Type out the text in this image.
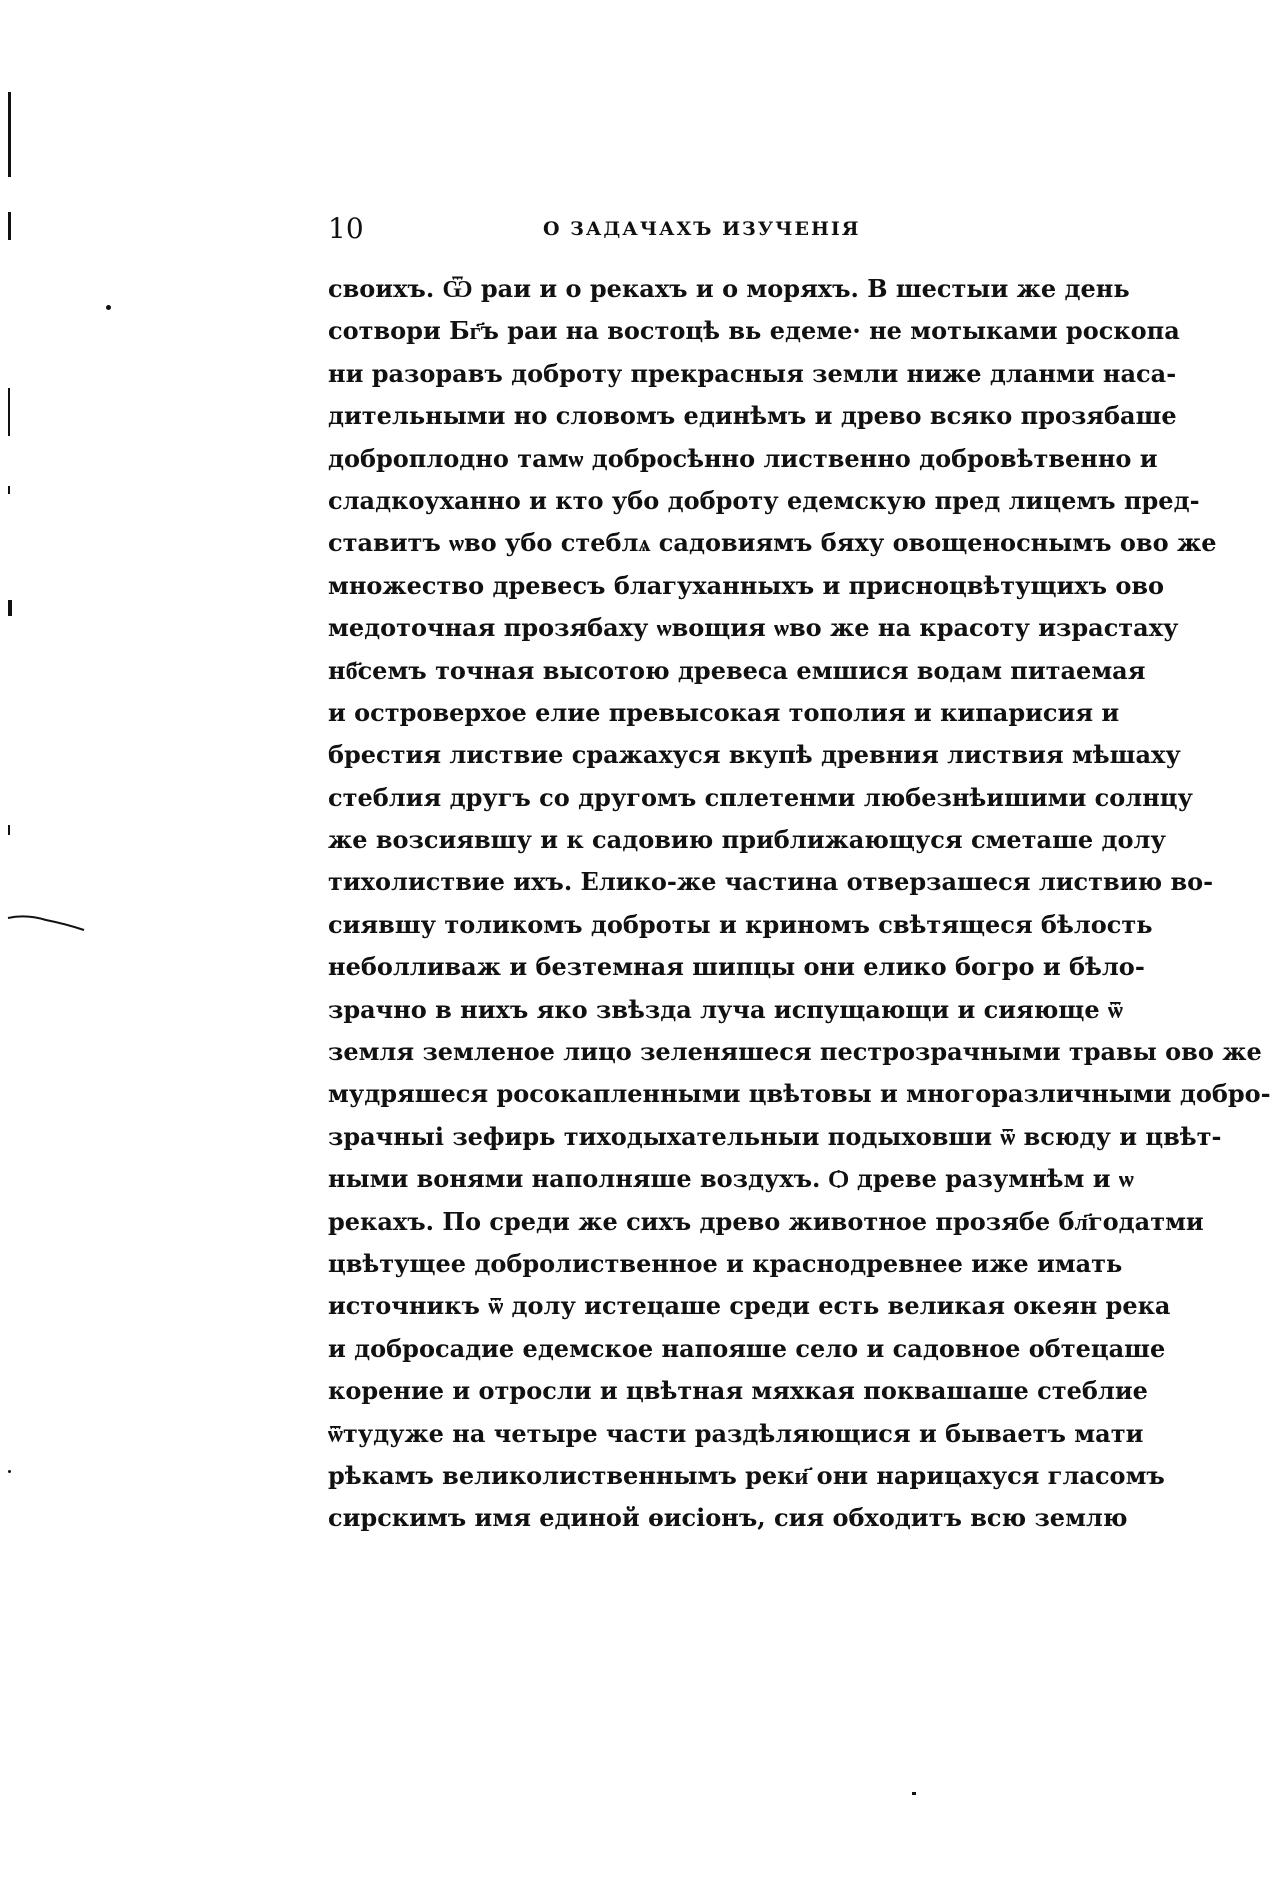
10	О ЗАДАЧАХЪ ИЗУЧЕНІЯ
своихъ. Ѿ раи и о рекахъ и о моряхъ. В шестыи же день
сотвори Бг҃ъ раи на востоцѣ вь едеме· не мотыками роскопа
ни разоравъ доброту прекрасныя земли ниже дланми наса-
дительными но словомъ единѣмъ и древо всяко прозябаше
доброплодно тамѡ добросѣнно лиственно добровѣтвенно и
сладкоуханно и кто убо доброту едемскую пред лицемъ пред-
ставитъ ѡво убо стеблѧ садовиямъ бяху овощеноснымъ ово же
множество древесъ благуханныхъ и присноцвѣтущихъ ово
медоточная прозябаху ѡвощия ѡво же на красоту израстаху
нб҃семъ точная высотою древеса емшися водам питаемая
и островерхое елие превысокая тополия и кипарисия и
брестия листвие сражахуся вкупѣ древния листвия мѣшаху
стеблия другъ со другомъ сплетенми любезнѣишими солнцу
же возсиявшу и к садовию приближающуся сметаше долу
тихолиствие ихъ. Елико-же частина отверзашеся листвию во-
сиявшу толикомъ доброты и криномъ свѣтящеся бѣлость
неболливаж и безтемная шипцы они елико богро и бѣло-
зрачно в нихъ яко звѣзда луча испущающи и сияюще ѿ
земля земленое лицо зеленяшеся пестрозрачными травы ово же
мудряшеся росокапленными цвѣтовы и многоразличными добро-
зрачныі зефирь тиходыхательныи подыховши ѿ всюду и цвѣт-
ными вонями наполняше воздухъ. Ѻ древе разумнѣм и ѡ
рекахъ. По среди же сихъ древо животное прозябе бл҃годатми
цвѣтущее добролиственное и краснодревнее иже имать
источникъ ѿ долу истецаше среди есть великая океян река
и добросадие едемское напояше село и садовное обтецаше
корение и отросли и цвѣтная мяхкая поквашаше стеблие
ѿтудуже на четыре части раздѣляющися и бываетъ мати
рѣкамъ великолиственнымъ реки҃ они нарицахуся гласомъ
сирскимъ имя единой ѳисіонъ, сия обходитъ всю землю
